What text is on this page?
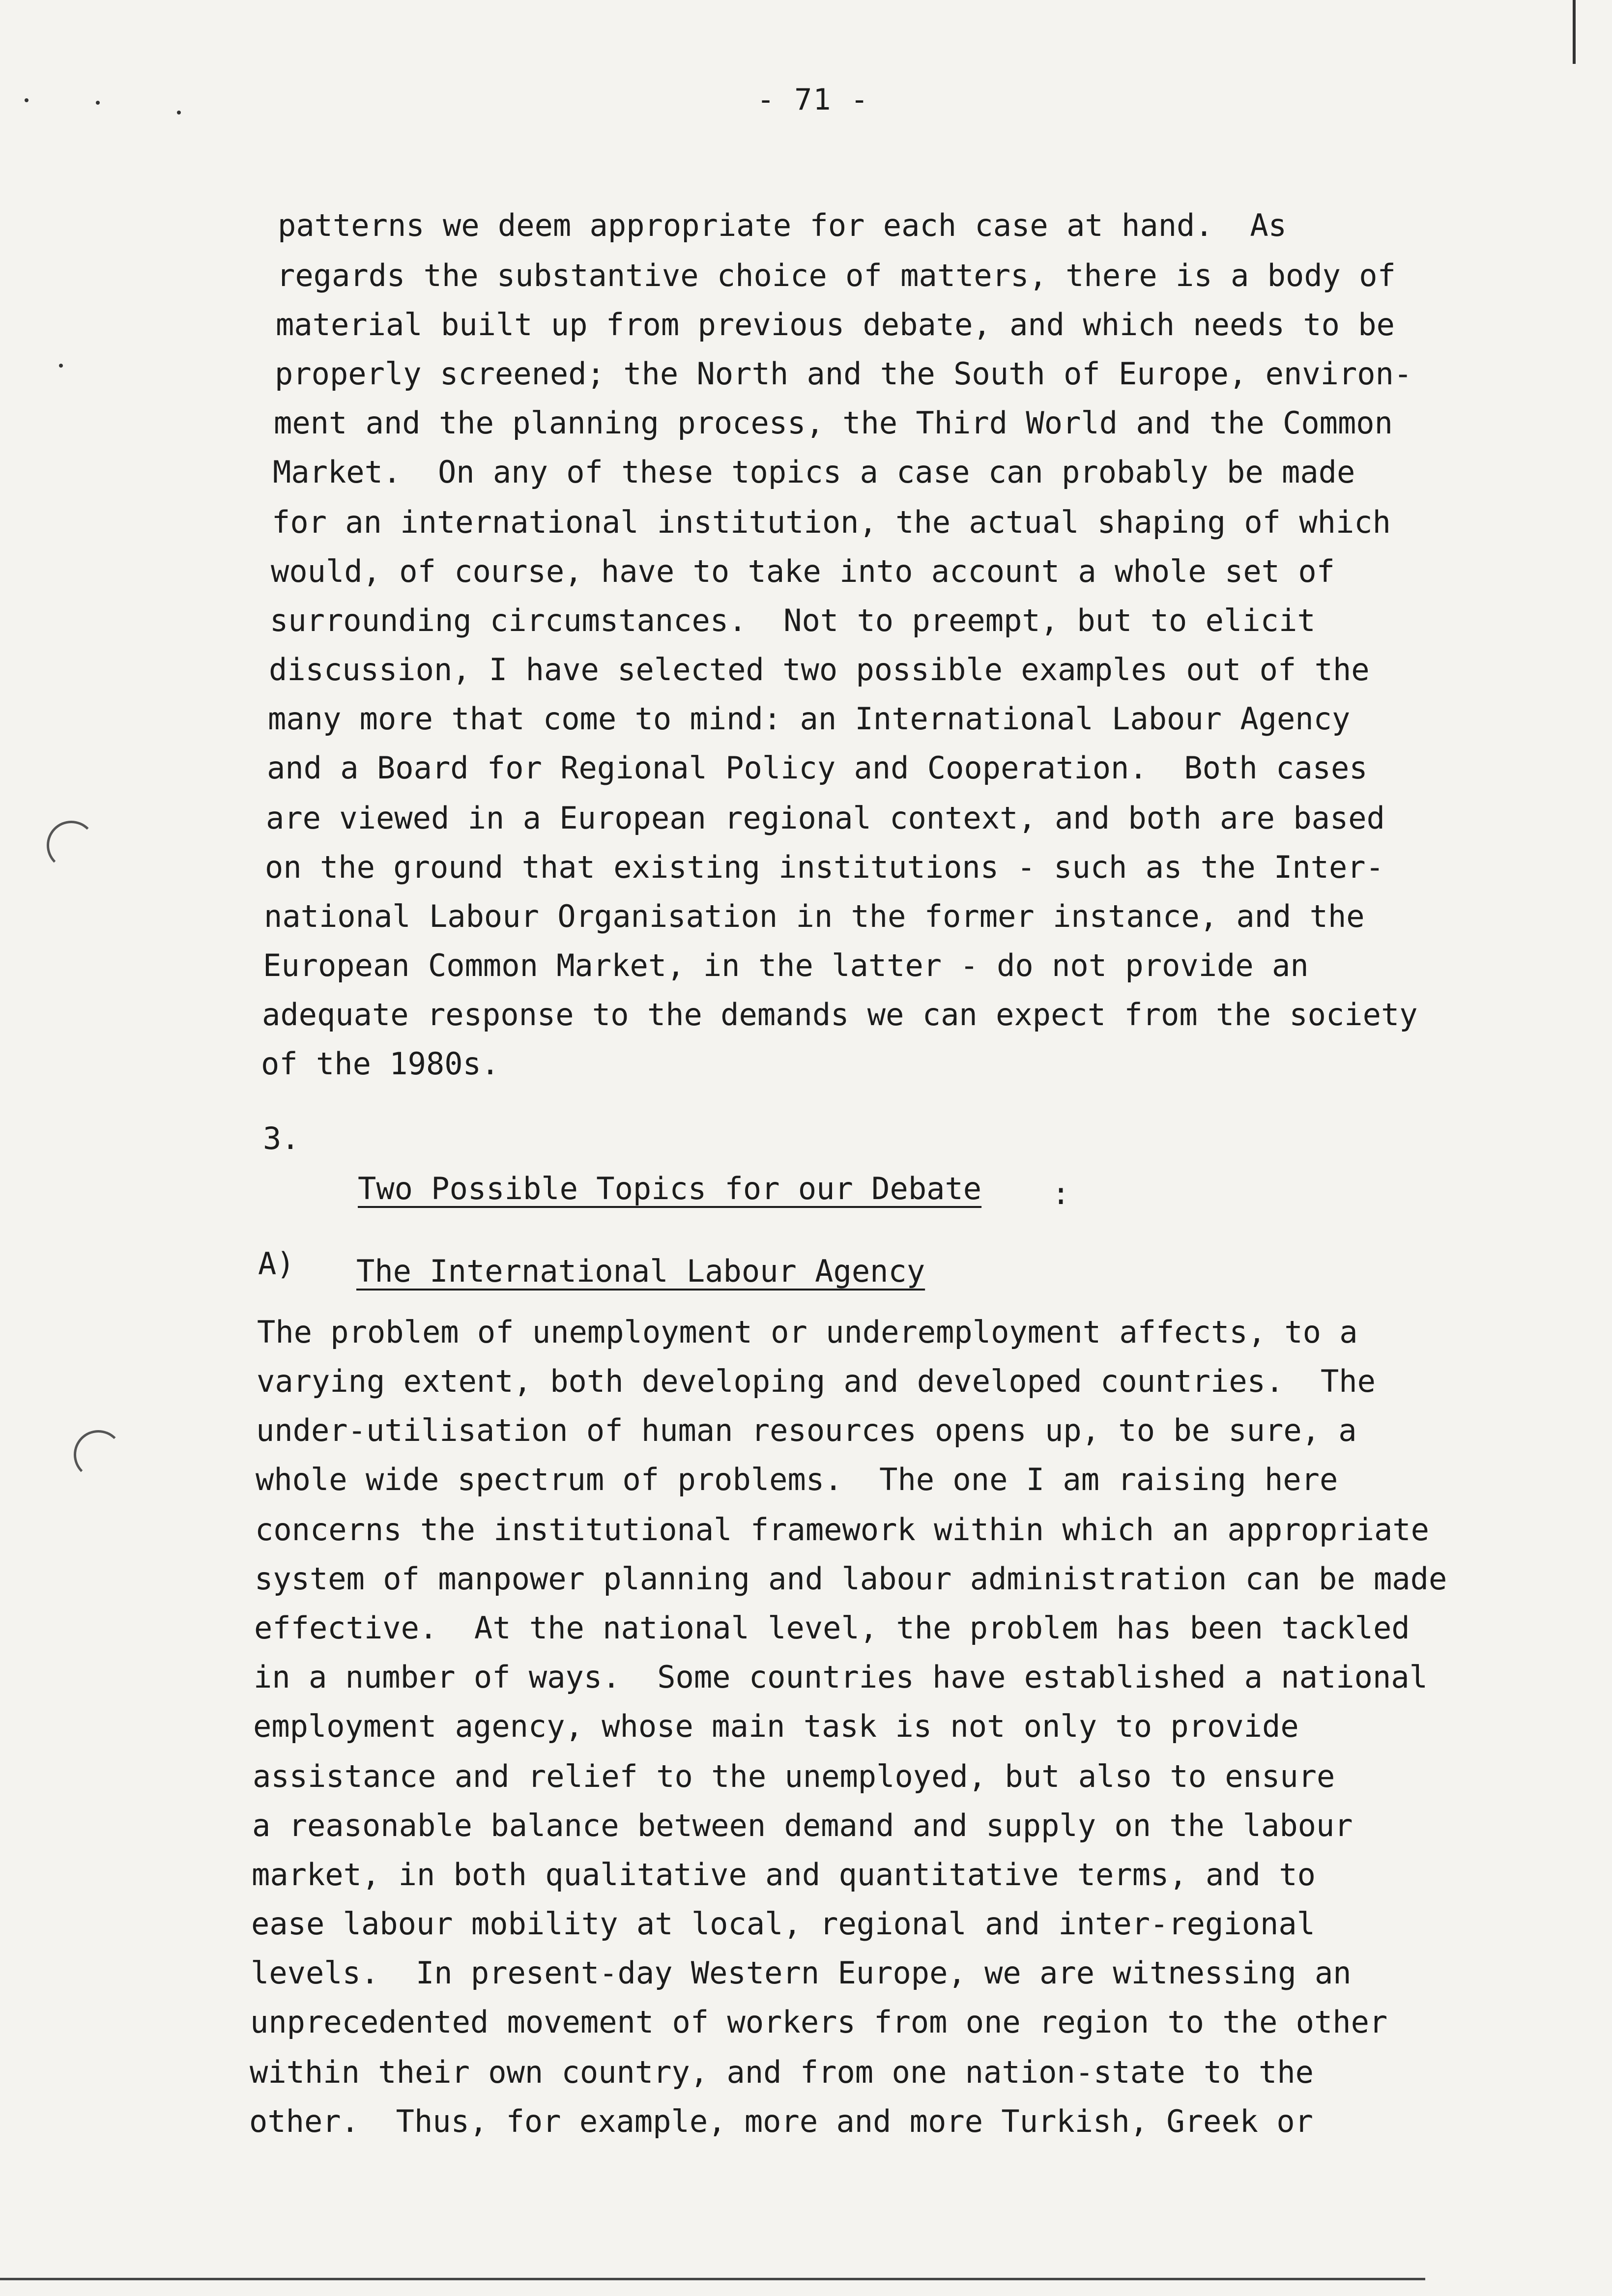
- 71 -
patterns we deem appropriate for each case at hand.  As
regards the substantive choice of matters, there is a body of
material built up from previous debate, and which needs to be
properly screened; the North and the South of Europe, environ-
ment and the planning process, the Third World and the Common
Market.  On any of these topics a case can probably be made
for an international institution, the actual shaping of which
would, of course, have to take into account a whole set of
surrounding circumstances.  Not to preempt, but to elicit
discussion, I have selected two possible examples out of the
many more that come to mind: an International Labour Agency
and a Board for Regional Policy and Cooperation.  Both cases
are viewed in a European regional context, and both are based
on the ground that existing institutions - such as the Inter-
national Labour Organisation in the former instance, and the
European Common Market, in the latter - do not provide an
adequate response to the demands we can expect from the society
of the 1980s.
3.
Two Possible Topics for our Debate :
A) The International Labour Agency
The problem of unemployment or underemployment affects, to a
varying extent, both developing and developed countries.  The
under-utilisation of human resources opens up, to be sure, a
whole wide spectrum of problems.  The one I am raising here
concerns the institutional framework within which an appropriate
system of manpower planning and labour administration can be made
effective.  At the national level, the problem has been tackled
in a number of ways.  Some countries have established a national
employment agency, whose main task is not only to provide
assistance and relief to the unemployed, but also to ensure
a reasonable balance between demand and supply on the labour
market, in both qualitative and quantitative terms, and to
ease labour mobility at local, regional and inter-regional
levels.  In present-day Western Europe, we are witnessing an
unprecedented movement of workers from one region to the other
within their own country, and from one nation-state to the
other.  Thus, for example, more and more Turkish, Greek or
